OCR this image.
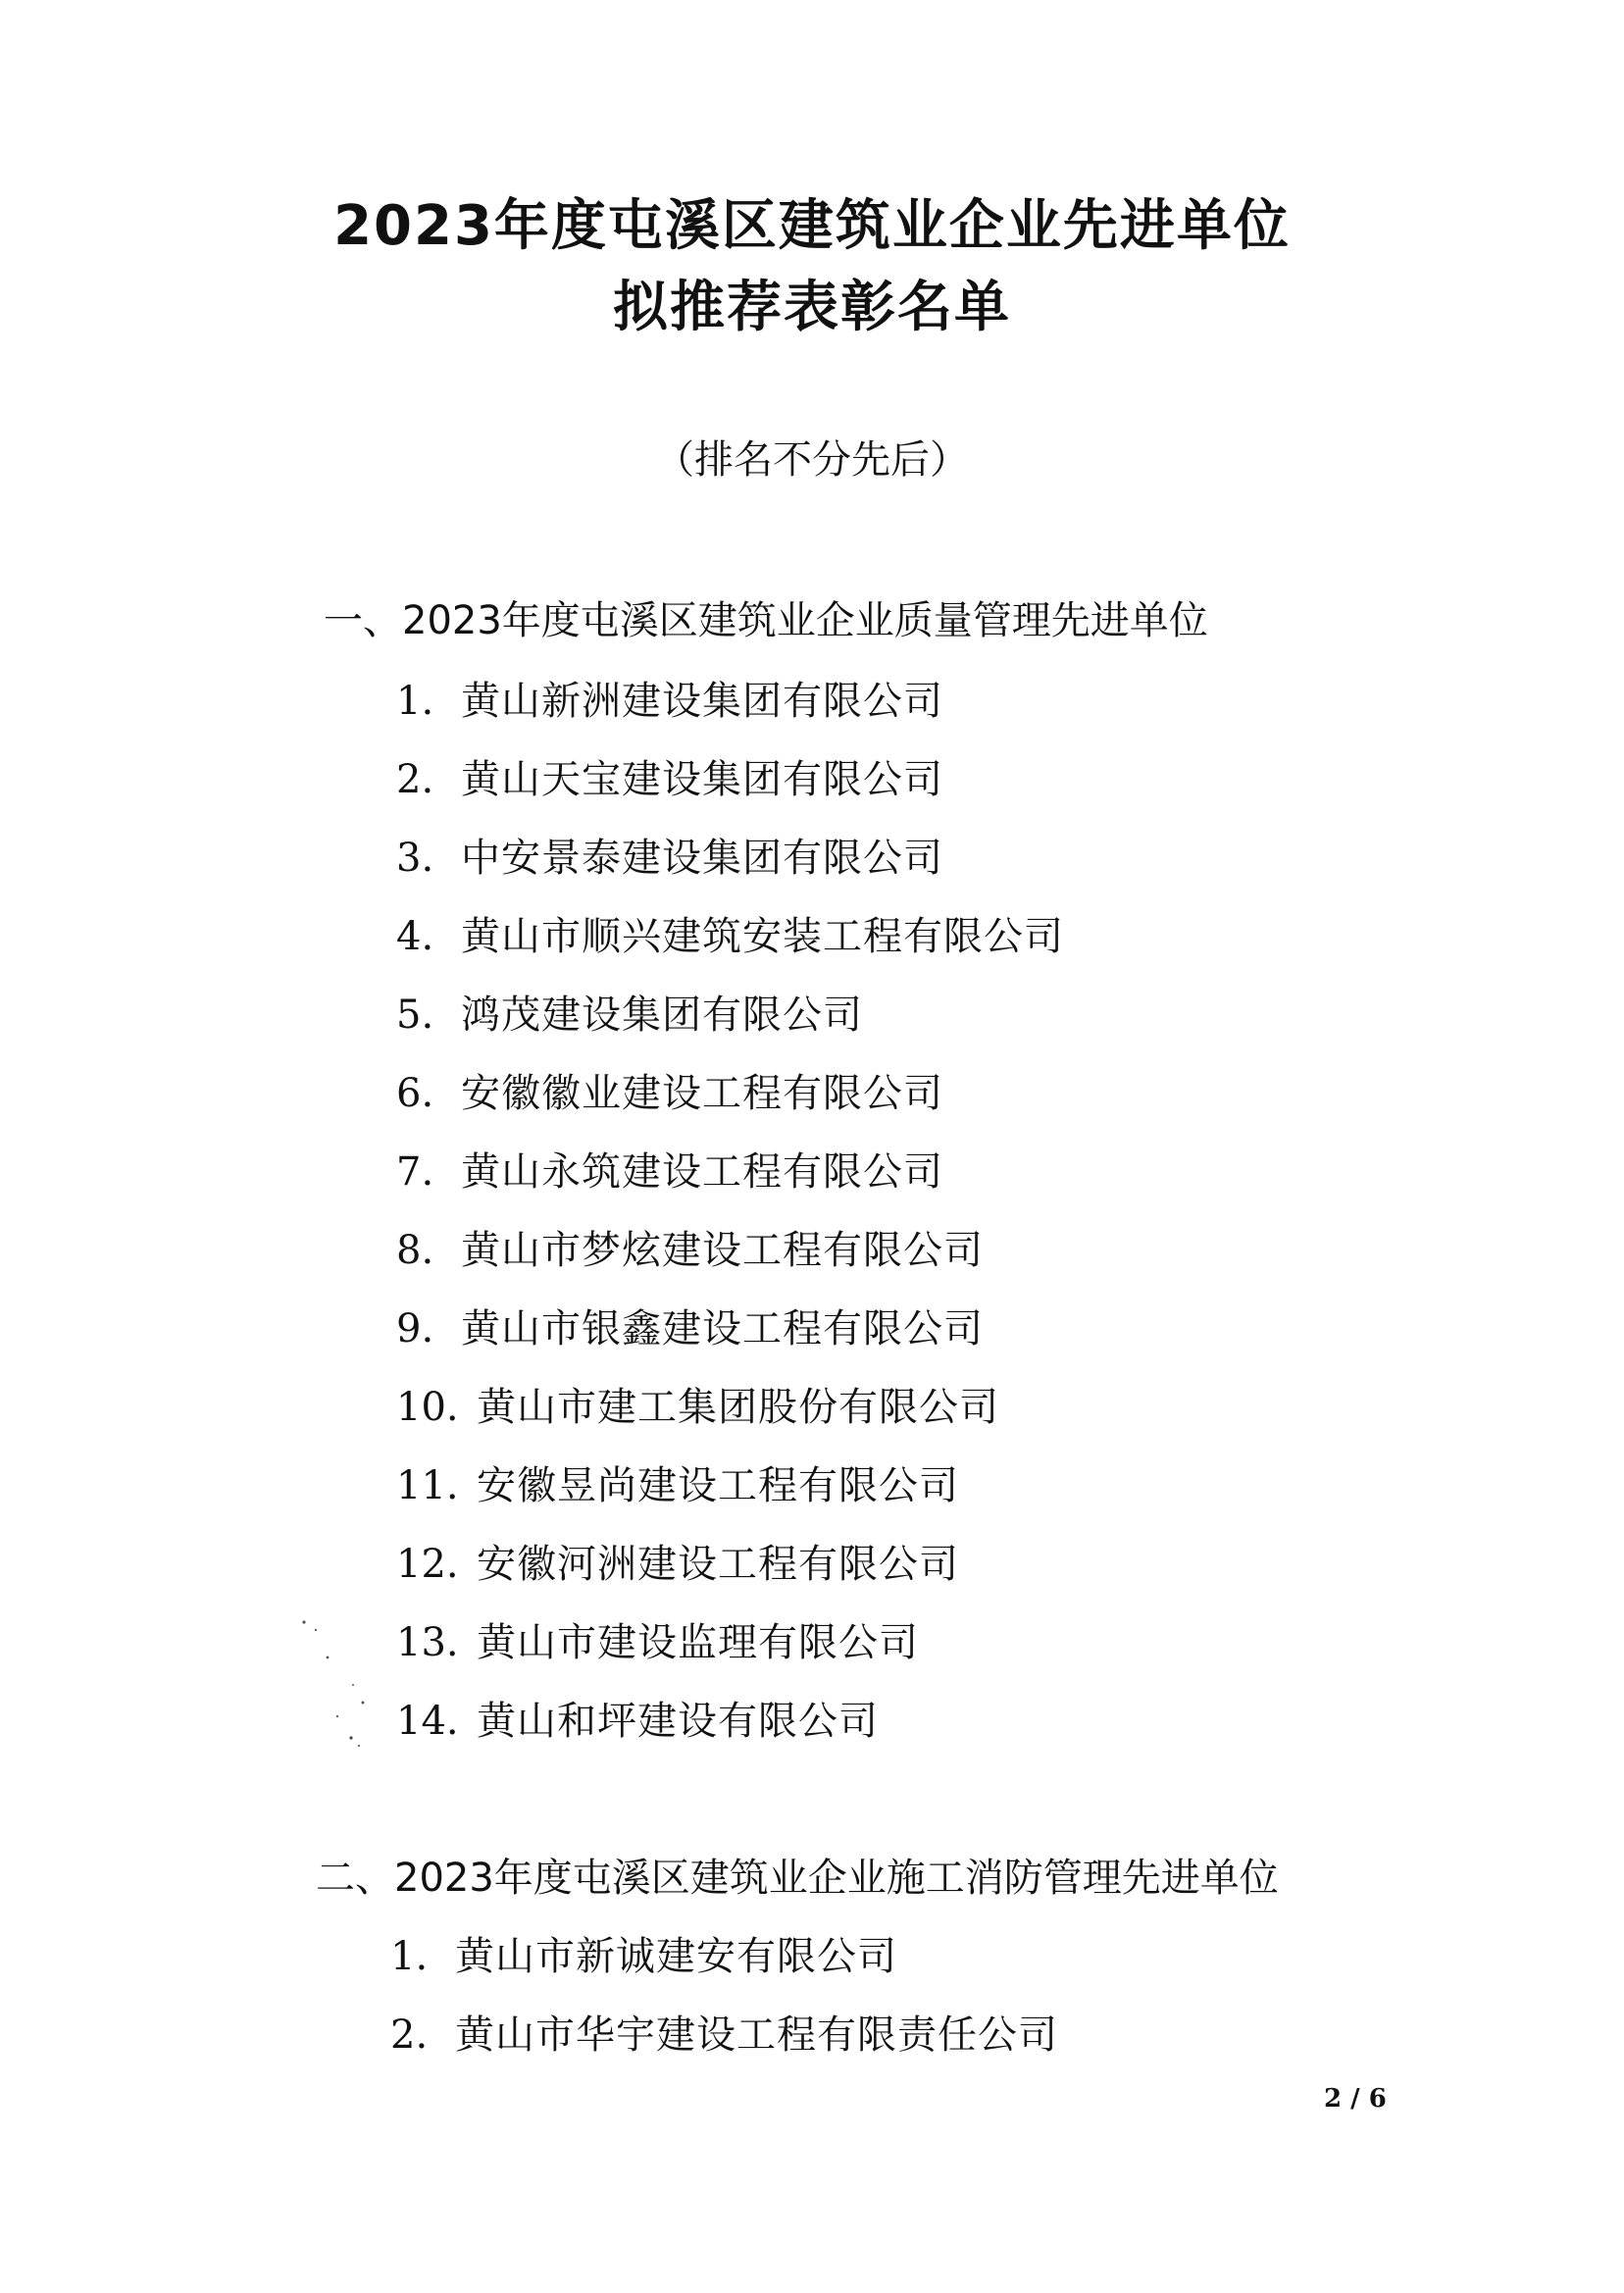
2023年度屯溪区建筑业企业先进单位
拟推荐表彰名单
（排名不分先后）
一、2023年度屯溪区建筑业企业质量管理先进单位
1. 黄山新洲建设集团有限公司
2. 黄山天宝建设集团有限公司
3. 中安景泰建设集团有限公司
4. 黄山市顺兴建筑安装工程有限公司
5. 鸿茂建设集团有限公司
6. 安徽徽业建设工程有限公司
7. 黄山永筑建设工程有限公司
8. 黄山市梦炫建设工程有限公司
9. 黄山市银鑫建设工程有限公司
10. 黄山市建工集团股份有限公司
11. 安徽昱尚建设工程有限公司
12. 安徽河洲建设工程有限公司
13. 黄山市建设监理有限公司
14. 黄山和坪建设有限公司
二、2023年度屯溪区建筑业企业施工消防管理先进单位
1. 黄山市新诚建安有限公司
2. 黄山市华宇建设工程有限责任公司
2 / 6
